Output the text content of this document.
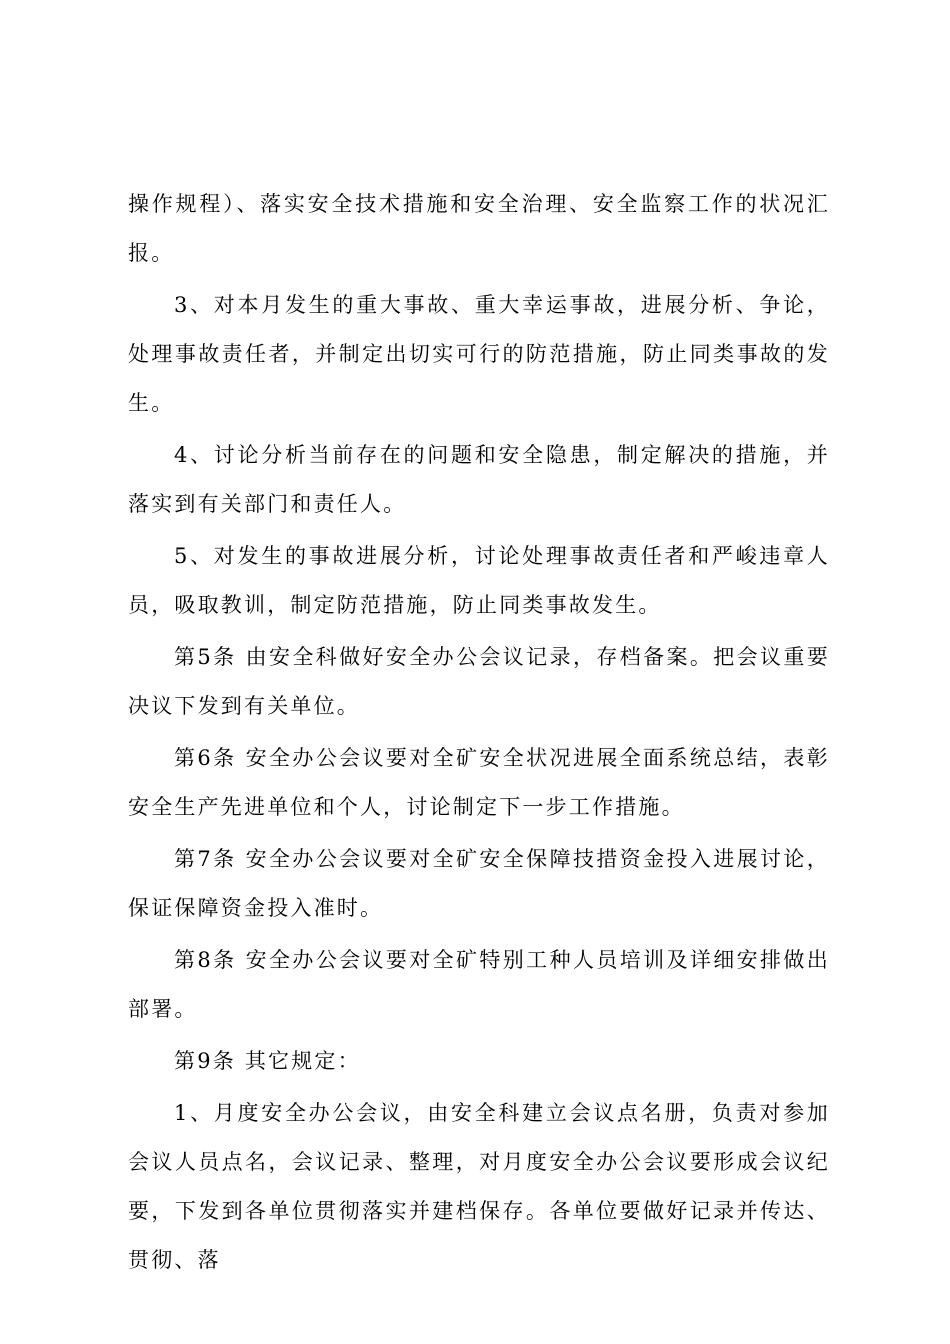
操作规程）、落实安全技术措施和安全治理、安全监察工作的状况汇报。

3、对本月发生的重大事故、重大幸运事故，进展分析、争论，处理事故责任者，并制定出切实可行的防范措施，防止同类事故的发生。

4、讨论分析当前存在的问题和安全隐患，制定解决的措施，并落实到有关部门和责任人。

5、对发生的事故进展分析，讨论处理事故责任者和严峻违章人员，吸取教训，制定防范措施，防止同类事故发生。

第5条 由安全科做好安全办公会议记录，存档备案。把会议重要决议下发到有关单位。

第6条 安全办公会议要对全矿安全状况进展全面系统总结，表彰安全生产先进单位和个人，讨论制定下一步工作措施。

第7条 安全办公会议要对全矿安全保障技措资金投入进展讨论，保证保障资金投入准时。

第8条 安全办公会议要对全矿特别工种人员培训及详细安排做出部署。

第9条 其它规定：

1、月度安全办公会议，由安全科建立会议点名册，负责对参加会议人员点名，会议记录、整理，对月度安全办公会议要形成会议纪要，下发到各单位贯彻落实并建档保存。各单位要做好记录并传达、贯彻、落
